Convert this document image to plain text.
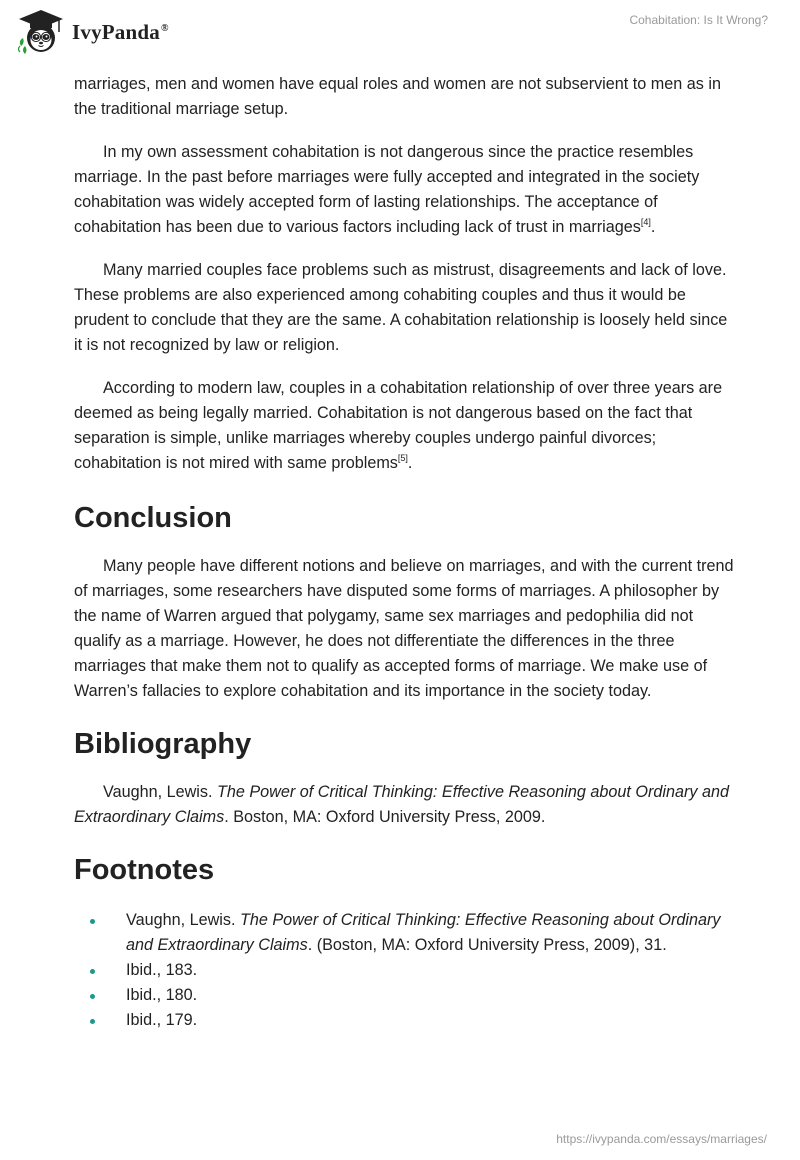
IvyPanda®
Cohabitation: Is It Wrong?

marriages, men and women have equal roles and women are not subservient to men as in the traditional marriage setup.

In my own assessment cohabitation is not dangerous since the practice resembles marriage. In the past before marriages were fully accepted and integrated in the society cohabitation was widely accepted form of lasting relationships. The acceptance of cohabitation has been due to various factors including lack of trust in marriages[4].

Many married couples face problems such as mistrust, disagreements and lack of love. These problems are also experienced among cohabiting couples and thus it would be prudent to conclude that they are the same. A cohabitation relationship is loosely held since it is not recognized by law or religion.

According to modern law, couples in a cohabitation relationship of over three years are deemed as being legally married. Cohabitation is not dangerous based on the fact that separation is simple, unlike marriages whereby couples undergo painful divorces; cohabitation is not mired with same problems[5].

Conclusion

Many people have different notions and believe on marriages, and with the current trend of marriages, some researchers have disputed some forms of marriages. A philosopher by the name of Warren argued that polygamy, same sex marriages and pedophilia did not qualify as a marriage. However, he does not differentiate the differences in the three marriages that make them not to qualify as accepted forms of marriage. We make use of Warren’s fallacies to explore cohabitation and its importance in the society today.

Bibliography

Vaughn, Lewis. The Power of Critical Thinking: Effective Reasoning about Ordinary and Extraordinary Claims. Boston, MA: Oxford University Press, 2009.

Footnotes
Vaughn, Lewis. The Power of Critical Thinking: Effective Reasoning about Ordinary and Extraordinary Claims. (Boston, MA: Oxford University Press, 2009), 31.
Ibid., 183.
Ibid., 180.
Ibid., 179.
https://ivypanda.com/essays/marriages/
